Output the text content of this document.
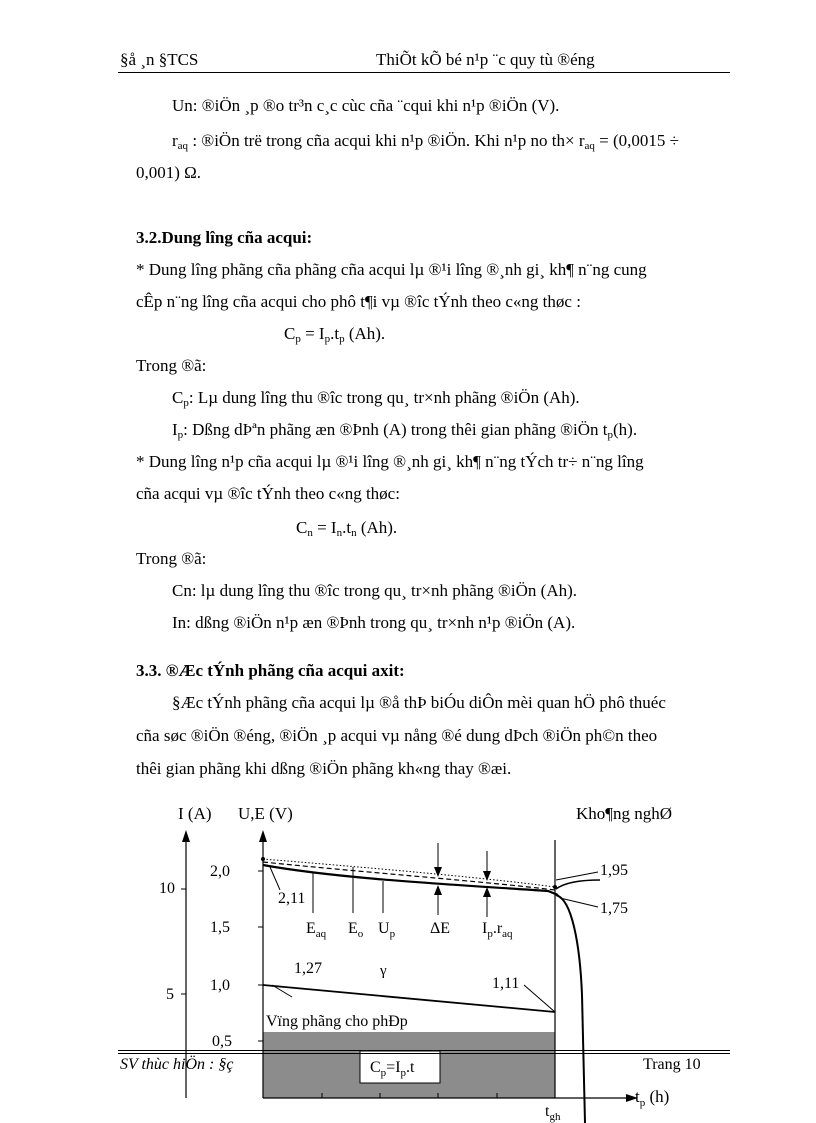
§å ¸n §TCS	ThiÕt kÕ bé n¹p ¨c quy tù ®éng
Un: ®iÖn ¸p ®o tr³n c¸c cùc cña ¨cqui khi n¹p ®iÖn (V).
$r_{aq}$ : ®iÖn trë trong cña acqui khi n¹p ®iÖn. Khi n¹p no $th\times r_{aq} = (0,0015$ ÷
0,001) Ω.
3.2.Dung lîng cña acqui:
* Dung lîng phãng cña phãng cña acqui lµ ®¹i lîng ®¸nh gi¸ kh¶ n¨ng cung
cÊp n¨ng lîng cña acqui cho phô t¶i vµ ®îc tÝnh theo c«ng thøc :
$C_p = I_p.t_p$ (Ah).
Trong ®ã:
$C_p$: Lµ dung lîng thu ®îc trong qu¸ tr×nh phãng ®iÖn (Ah).
$I_p$: Dßng dÞªn phãng æn ®Þnh (A) trong thêi gian phãng ®iÖn $t_p(h)$.
* Dung lîng n¹p cña acqui lµ ®¹i lîng ®¸nh gi¸ kh¶ n¨ng tÝch tr÷ n¨ng lîng
cña acqui vµ ®îc tÝnh theo c«ng thøc:
$C_n = I_n.t_n$ (Ah).
Trong ®ã:
Cn: lµ dung lîng thu ®îc trong qu¸ tr×nh phãng ®iÖn (Ah).
In: dßng ®iÖn n¹p æn ®Þnh trong qu¸ tr×nh n¹p ®iÖn (A).
3.3. ®Æc tÝnh phãng cña acqui axit:
§Æc tÝnh phãng cña acqui lµ ®å thÞ biÓu diÔn mèi quan hÖ phô thuéc
cña søc ®iÖn ®éng, ®iÖn ¸p acqui vµ nång ®é dung dÞch ®iÖn ph©n theo
thêi gian phãng khi dßng ®iÖn phãng kh«ng thay ®æi.
I (A) U,E (V)	Kho¶ng nghØ
10
5
2,0
1,5
1,0
0,5
2,11
1,95
1,75
1,27
1,11
$E_{aq}$ $E_o$ $U_p$ ΔE $I_p.r_{aq}$
γ
Vïng phãng cho phÐp
$C_p=I_p.t$
$t_{gh}$
$t_p$ (h)
SV thùc hiÖn : §ç	Trang 10
